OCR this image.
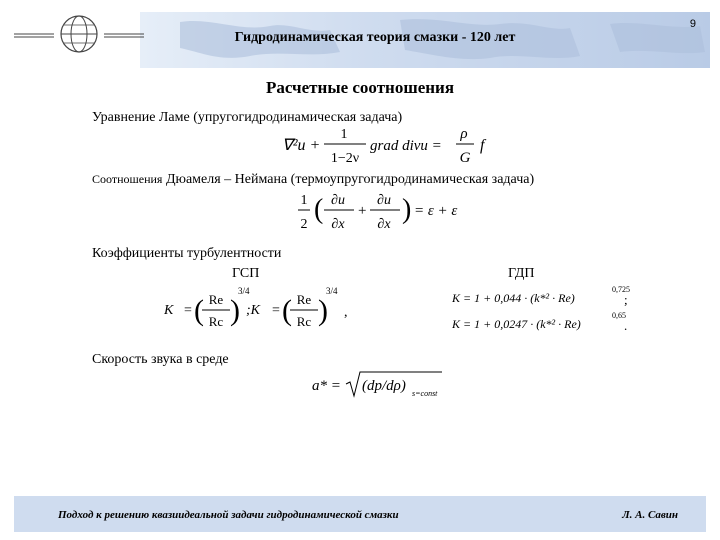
Гидродинамическая теория смазки - 120 лет
9
Расчетные соотношения
Уравнение Ламе (упругогидродинамическая задача)
∇²u +
1
1−2ν
grad divu =
ρ
G
f
Соотношения Дюамеля – Неймана (термоупругогидродинамическая задача)
1
2 ( ∂u
∂x
+
∂u
∂x ) = ε + ε
Коэффициенты турбулентности
ГСП	ГДП
K = ( Re
Rc )
3/4
;K = ( Re
Rc )
3/4
,
K = 1 + 0,044 · (k*² · Re)
0,725
;
K = 1 + 0,0247 · (k*² · Re)
0,65
.
Скорость звука в среде
a* = (dp/dρ) s=const
Подход к решению квазиидеальной задачи гидродинамической смазки	Л. А. Савин
